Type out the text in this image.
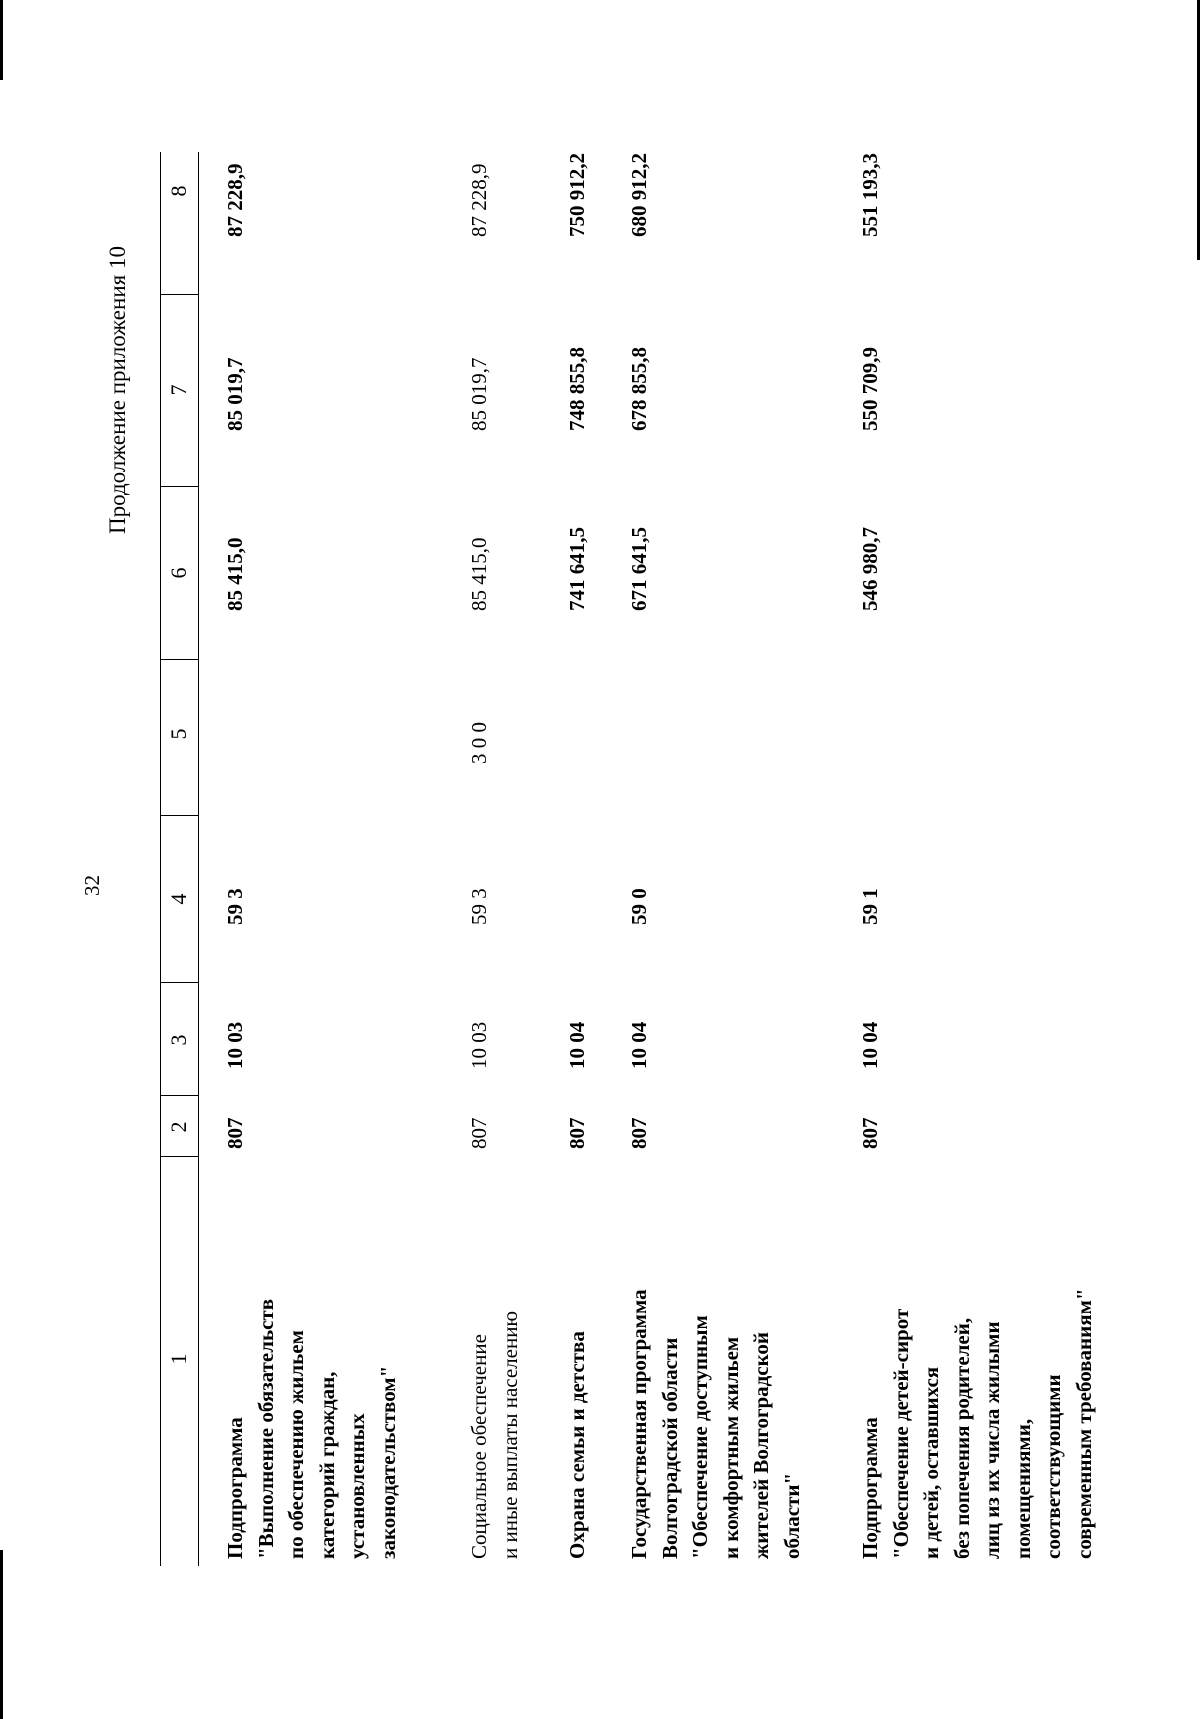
32
Продолжение приложения 10
1
2
3
4
5
6
7
8
Подпрограмма "Выполнение обязательств по обеспечению жильем категорий граждан, установленных законодательством"
807
10 03
59 3
85 415,0
85 019,7
87 228,9
Социальное обеспечение и иные выплаты населению
807
10 03
59 3
3 0 0
85 415,0
85 019,7
87 228,9
Охрана семьи и детства
807
10 04
741 641,5
748 855,8
750 912,2
Государственная программа Волгоградской области "Обеспечение доступным и комфортным жильем жителей Волгоградской области"
807
10 04
59 0
671 641,5
678 855,8
680 912,2
Подпрограмма "Обеспечение детей-сирот и детей, оставшихся без попечения родителей, лиц из их числа жилыми помещениями, соответствующими современным требованиям"
807
10 04
59 1
546 980,7
550 709,9
551 193,3
